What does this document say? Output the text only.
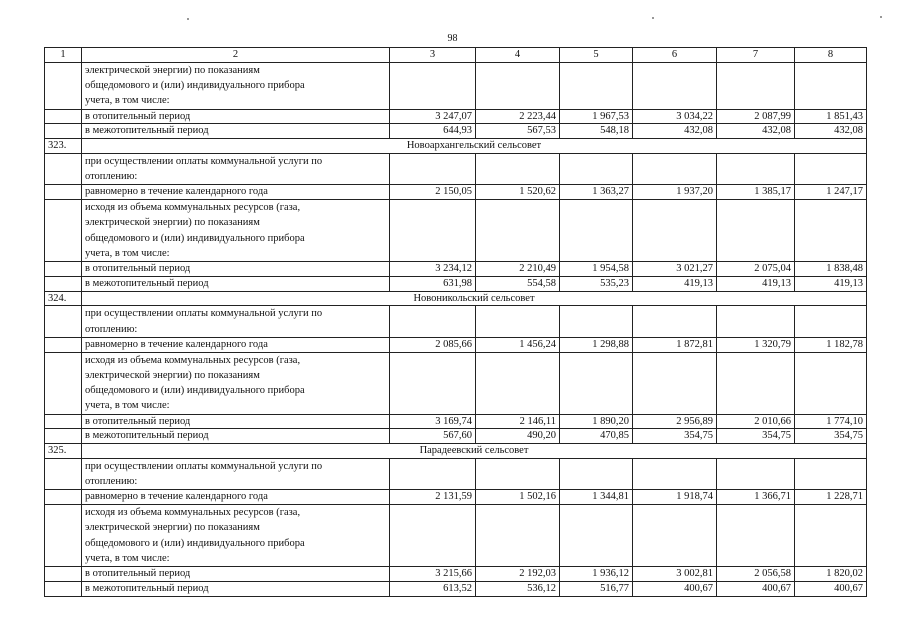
98
1	2	3	4	5	6	7	8
	электрической энергии) по показаниям
общедомового и (или) индивидуального прибора
учета, в том числе:						
	в отопительный период	3 247,07	2 223,44	1 967,53	3 034,22	2 087,99	1 851,43
	в межотопительный период	644,93	567,53	548,18	432,08	432,08	432,08
323.	Новоархангельский сельсовет						
	при осуществлении оплаты коммунальной услуги по
отоплению:						
	равномерно в течение календарного года	2 150,05	1 520,62	1 363,27	1 937,20	1 385,17	1 247,17
	исходя из объема коммунальных ресурсов (газа,
электрической энергии) по показаниям
общедомового и (или) индивидуального прибора
учета, в том числе:						
	в отопительный период	3 234,12	2 210,49	1 954,58	3 021,27	2 075,04	1 838,48
	в межотопительный период	631,98	554,58	535,23	419,13	419,13	419,13
324.	Новоникольский сельсовет						
	при осуществлении оплаты коммунальной услуги по
отоплению:						
	равномерно в течение календарного года	2 085,66	1 456,24	1 298,88	1 872,81	1 320,79	1 182,78
	исходя из объема коммунальных ресурсов (газа,
электрической энергии) по показаниям
общедомового и (или) индивидуального прибора
учета, в том числе:						
	в отопительный период	3 169,74	2 146,11	1 890,20	2 956,89	2 010,66	1 774,10
	в межотопительный период	567,60	490,20	470,85	354,75	354,75	354,75
325.	Парадеевский сельсовет						
	при осуществлении оплаты коммунальной услуги по
отоплению:						
	равномерно в течение календарного года	2 131,59	1 502,16	1 344,81	1 918,74	1 366,71	1 228,71
	исходя из объема коммунальных ресурсов (газа,
электрической энергии) по показаниям
общедомового и (или) индивидуального прибора
учета, в том числе:						
	в отопительный период	3 215,66	2 192,03	1 936,12	3 002,81	2 056,58	1 820,02
	в межотопительный период	613,52	536,12	516,77	400,67	400,67	400,67
